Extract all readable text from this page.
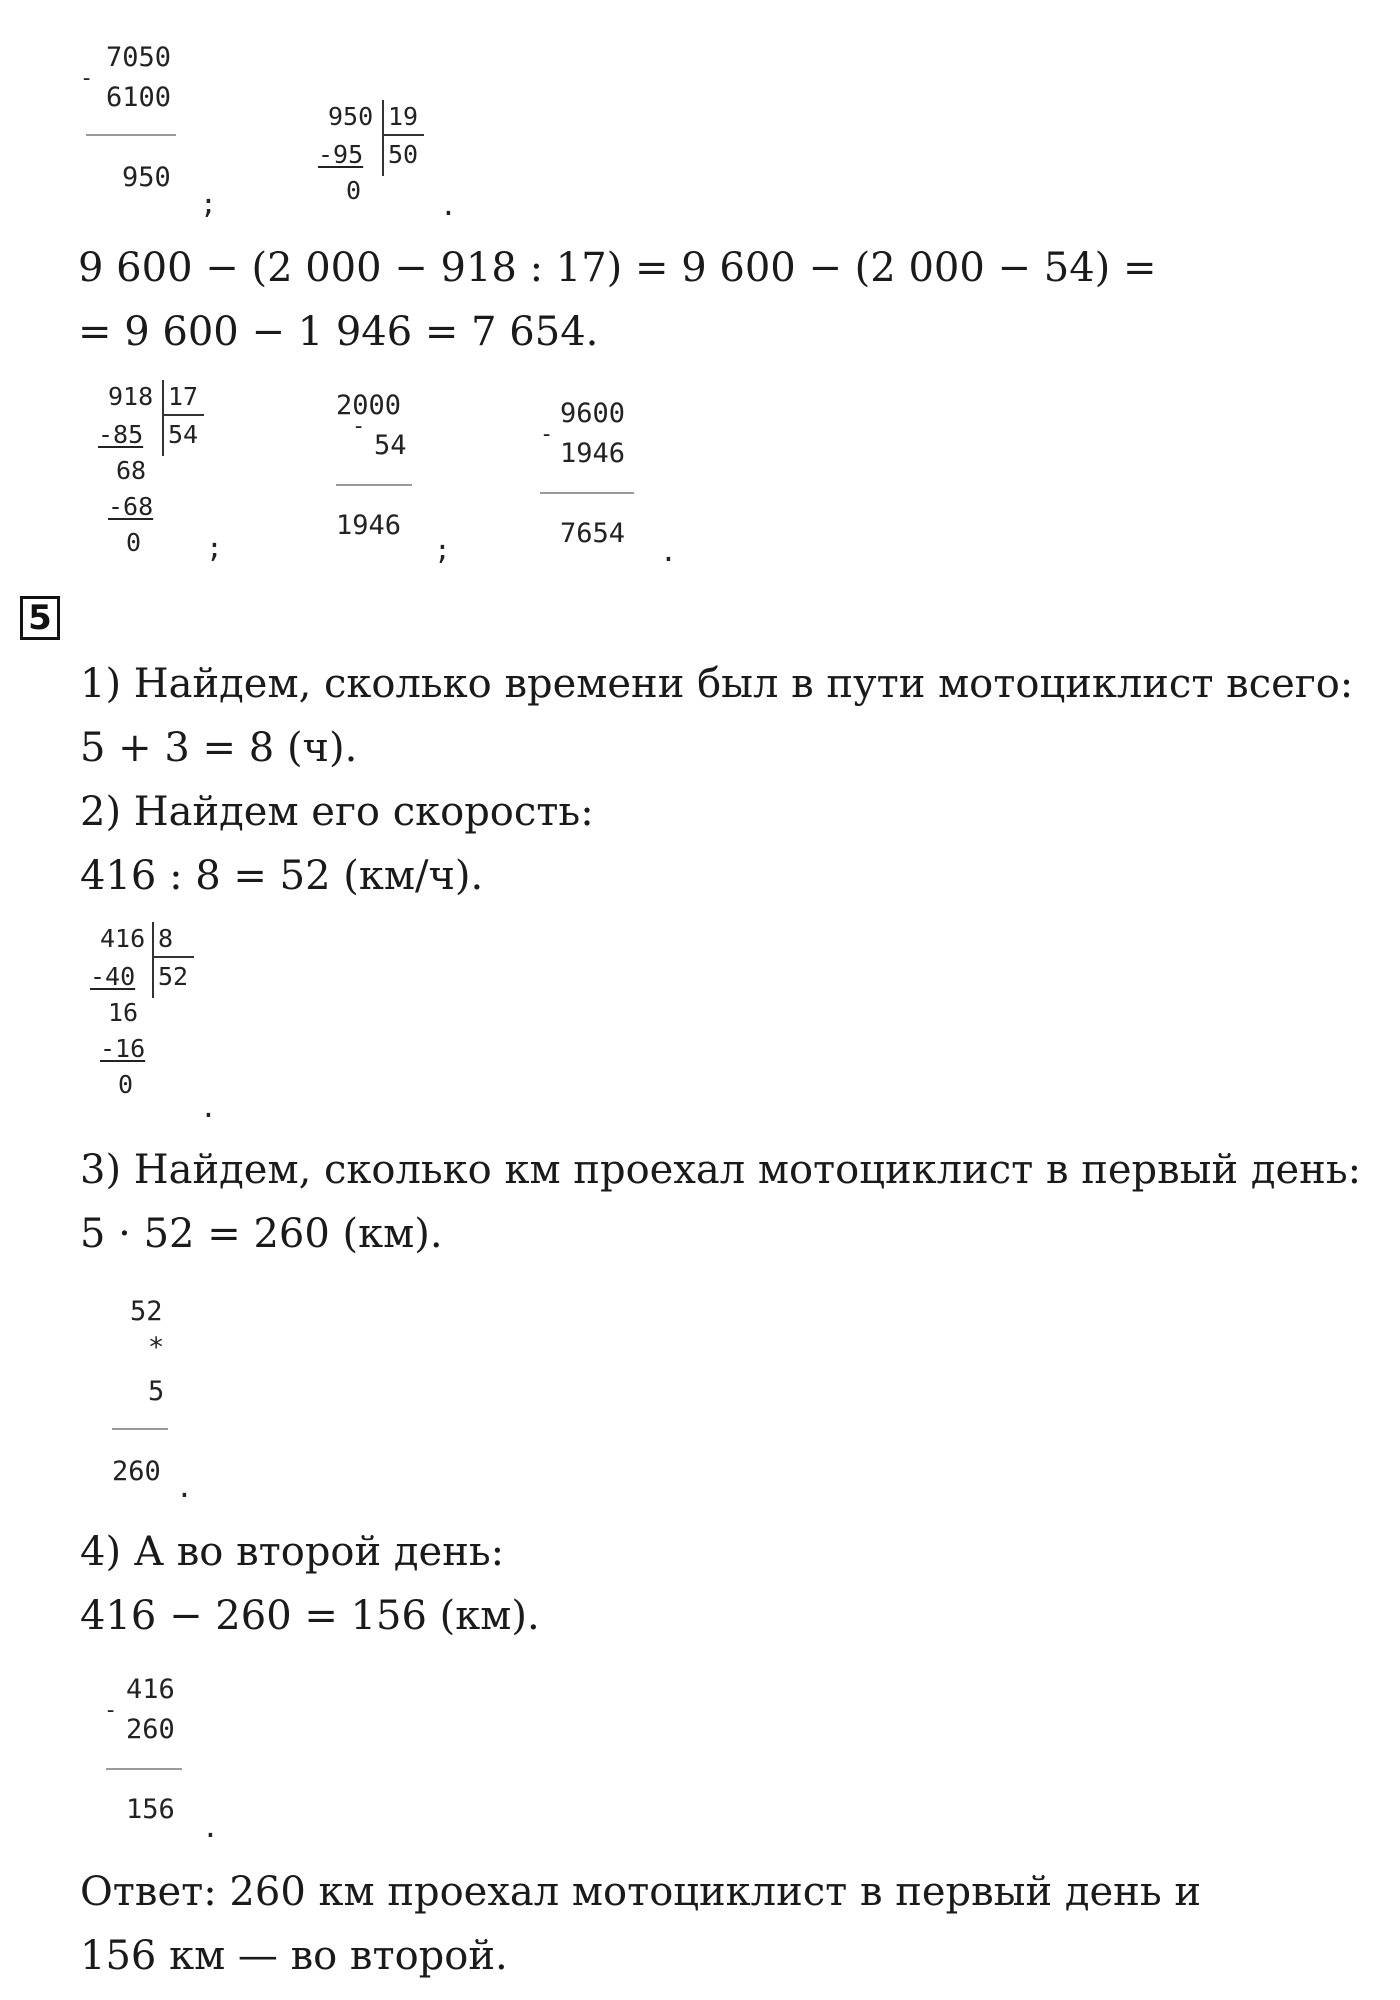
-
7050
6100
950
;
950 19
-95 50
0	.
9 600 − (2 000 − 918 : 17) = 9 600 − (2 000 − 54) =
= 9 600 − 1 946 = 7 654.
918 17
-85 54
68
-68
0 ;
2000
-
54
1946
;
-
9600
1946
7654
.
5
1) Найдем, сколько времени был в пути мотоциклист всего:
5 + 3 = 8 (ч).
2) Найдем его скорость:
416 : 8 = 52 (км/ч).
416 8
-40 52
16
-16
0
.
3) Найдем, сколько км проехал мотоциклист в первый день:
5 · 52 = 260 (км).
52
*
5
260 .
4) А во второй день:
416 − 260 = 156 (км).
-
416
260
156
.
Ответ: 260 км проехал мотоциклист в первый день и
156 км — во второй.
